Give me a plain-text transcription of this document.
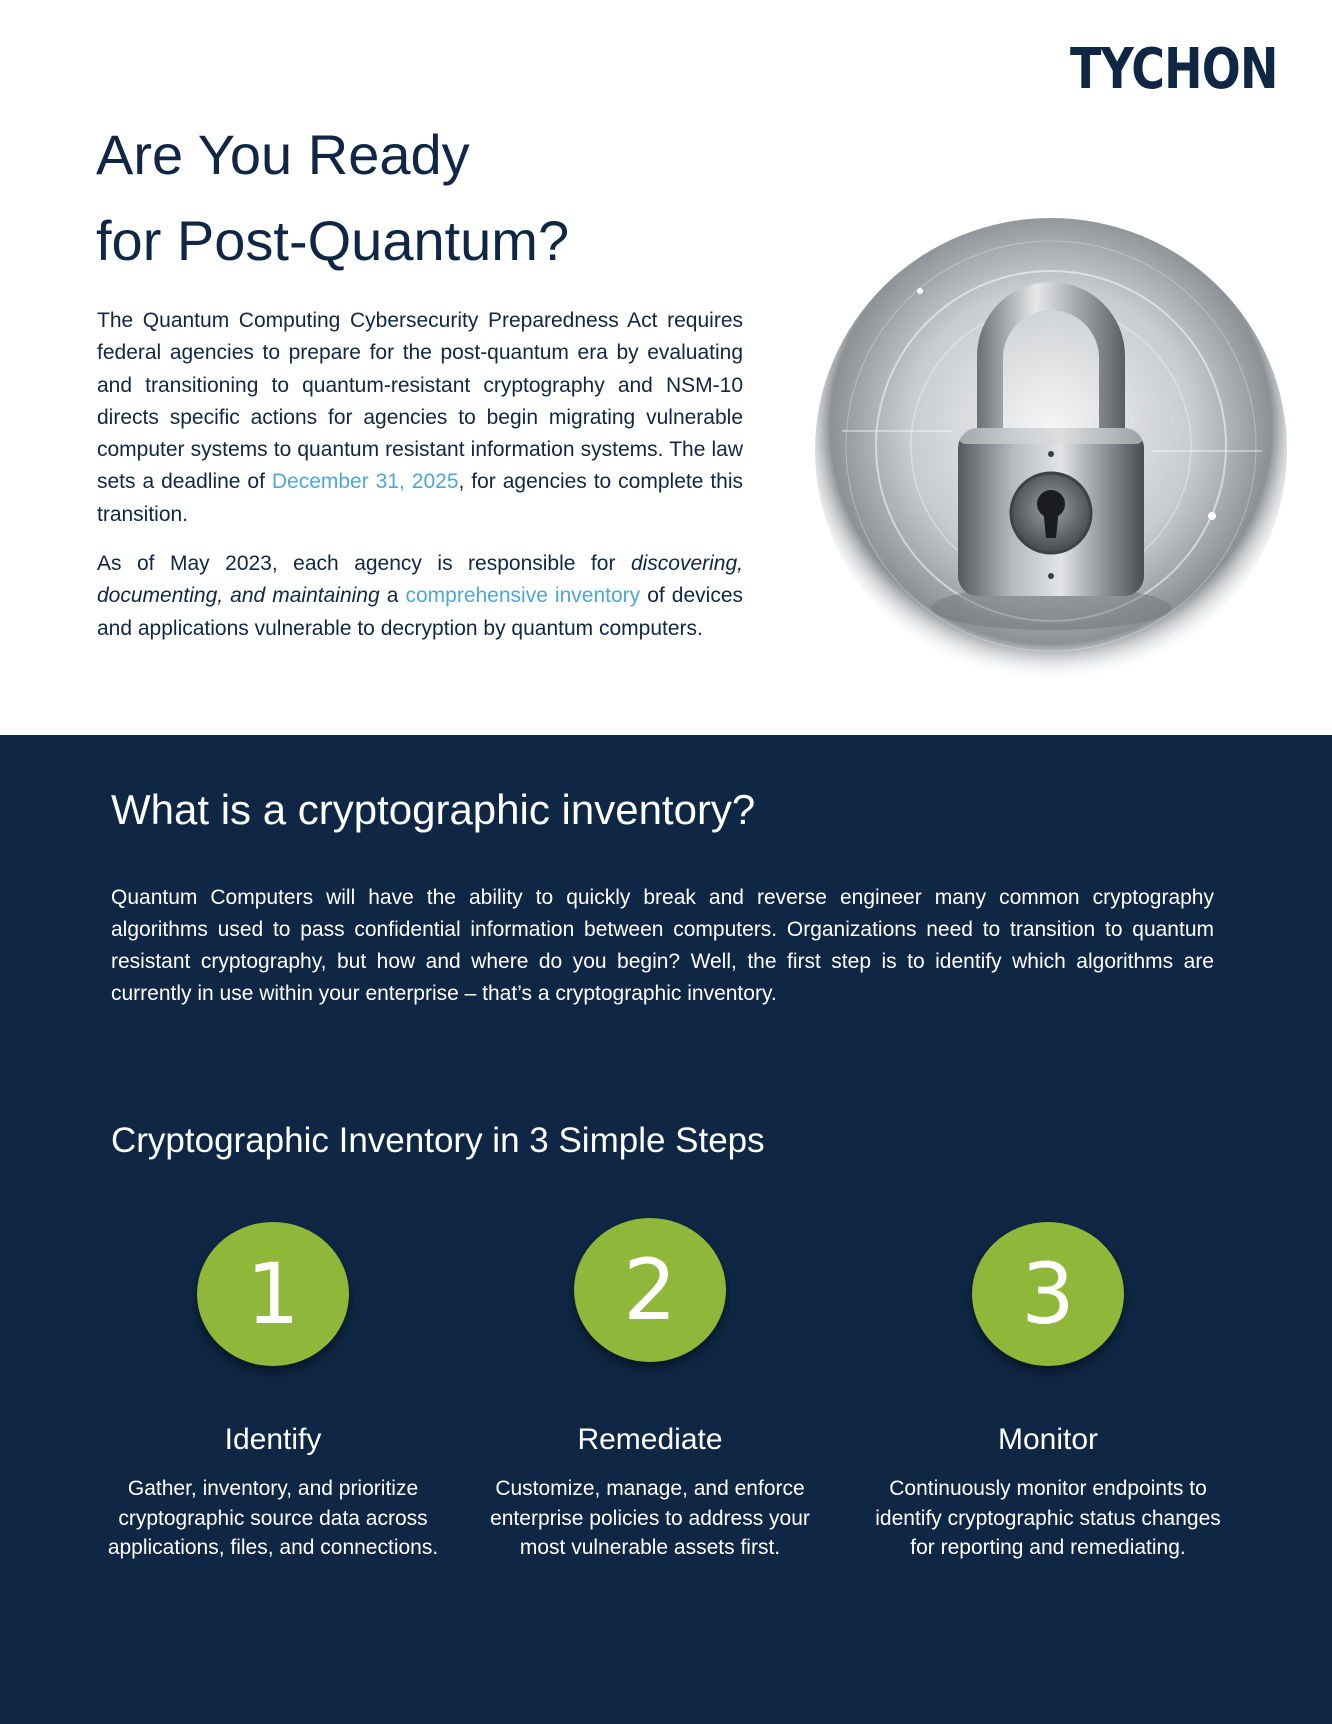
TYCHON
Are You Ready
for Post-Quantum?

The Quantum Computing Cybersecurity Preparedness Act requires federal agencies to prepare for the post-quantum era by evaluating and transitioning to quantum-resistant cryptography and NSM-10 directs specific actions for agencies to begin migrating vulnerable computer systems to quantum resistant information systems. The law sets a deadline of December 31, 2025, for agencies to complete this transition.

As of May 2023, each agency is responsible for discovering, documenting, and maintaining a comprehensive inventory of devices and applications vulnerable to decryption by quantum computers.

What is a cryptographic inventory?

Quantum Computers will have the ability to quickly break and reverse engineer many common cryptography algorithms used to pass confidential information between computers. Organizations need to transition to quantum resistant cryptography, but how and where do you begin? Well, the first step is to identify which algorithms are currently in use within your enterprise – that’s a cryptographic inventory.

Cryptographic Inventory in 3 Simple Steps
1
Identify

Gather, inventory, and prioritize cryptographic source data across applications, files, and connections.

2
Remediate

Customize, manage, and enforce enterprise policies to address your most vulnerable assets first.

3
Monitor

Continuously monitor endpoints to identify cryptographic status changes for reporting and remediating.
